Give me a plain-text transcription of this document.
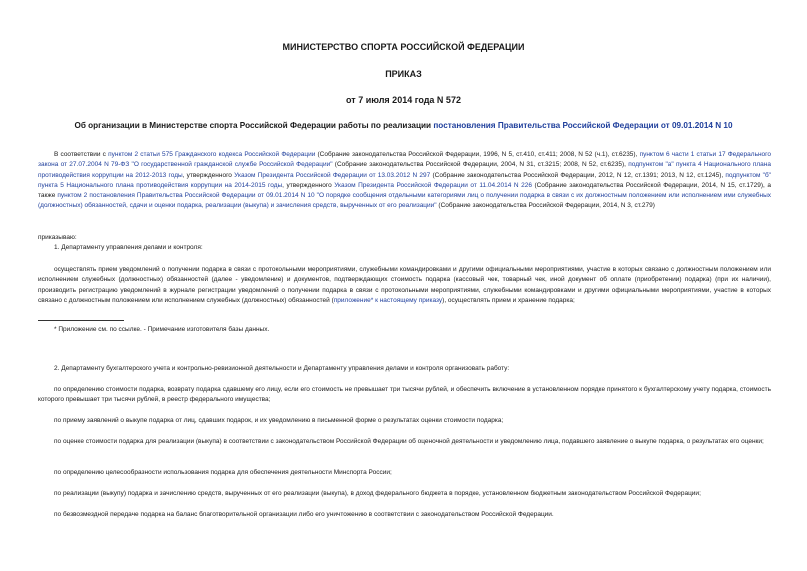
МИНИСТЕРСТВО СПОРТА РОССИЙСКОЙ ФЕДЕРАЦИИ
ПРИКАЗ
от 7 июля 2014 года N 572
Об организации в Министерстве спорта Российской Федерации работы по реализации постановления Правительства Российской Федерации от 09.01.2014 N 10
В соответствии с пунктом 2 статьи 575 Гражданского кодекса Российской Федерации (Собрание законодательства Российской Федерации, 1996, N 5, ст.410, ст.411; 2008, N 52 (ч.1), ст.6235), пунктом 6 части 1 статьи 17 Федерального закона от 27.07.2004 N 79-ФЗ "О государственной гражданской службе Российской Федерации" (Собрание законодательства Российской Федерации, 2004, N 31, ст.3215; 2008, N 52, ст.6235), подпунктом "а" пункта 4 Национального плана противодействия коррупции на 2012-2013 годы, утвержденного Указом Президента Российской Федерации от 13.03.2012 N 297 (Собрание законодательства Российской Федерации, 2012, N 12, ст.1391; 2013, N 12, ст.1245), подпунктом "б" пункта 5 Национального плана противодействия коррупции на 2014-2015 годы, утвержденного Указом Президента Российской Федерации от 11.04.2014 N 226 (Собрание законодательства Российской Федерации, 2014, N 15, ст.1729), а также пунктом 2 постановления Правительства Российской Федерации от 09.01.2014 N 10 "О порядке сообщения отдельными категориями лиц о получении подарка в связи с их должностным положением или исполнением ими служебных (должностных) обязанностей, сдачи и оценки подарка, реализации (выкупа) и зачисления средств, вырученных от его реализации" (Собрание законодательства Российской Федерации, 2014, N 3, ст.279)
приказываю:
1. Департаменту управления делами и контроля:
осуществлять прием уведомлений о получении подарка в связи с протокольными мероприятиями, служебными командировками и другими официальными мероприятиями, участие в которых связано с должностным положением или исполнением служебных (должностных) обязанностей (далее - уведомление) и документов, подтверждающих стоимость подарка (кассовый чек, товарный чек, иной документ об оплате (приобретении) подарка) (при их наличии), производить регистрацию уведомлений в журнале регистрации уведомлений о получении подарка в связи с протокольными мероприятиями, служебными командировками и другими официальными мероприятиями, участие в которых связано с должностным положением или исполнением служебных (должностных) обязанностей (приложение* к настоящему приказу), осуществлять прием и хранение подарка;
* Приложение см. по ссылке. - Примечание изготовителя базы данных.
2. Департаменту бухгалтерского учета и контрольно-ревизионной деятельности и Департаменту управления делами и контроля организовать работу:
по определению стоимости подарка, возврату подарка сдавшему его лицу, если его стоимость не превышает три тысячи рублей, и обеспечить включение в установленном порядке принятого к бухгалтерскому учету подарка, стоимость которого превышает три тысячи рублей, в реестр федерального имущества;
по приему заявлений о выкупе подарка от лиц, сдавших подарок, и их уведомлению в письменной форме о результатах оценки стоимости подарка;
по оценке стоимости подарка для реализации (выкупа) в соответствии с законодательством Российской Федерации об оценочной деятельности и уведомлению лица, подавшего заявление о выкупе подарка, о результатах его оценки;
по определению целесообразности использования подарка для обеспечения деятельности Минспорта России;
по реализации (выкупу) подарка и зачислению средств, вырученных от его реализации (выкупа), в доход федерального бюджета в порядке, установленном бюджетным законодательством Российской Федерации;
по безвозмездной передаче подарка на баланс благотворительной организации либо его уничтожению в соответствии с законодательством Российской Федерации.
